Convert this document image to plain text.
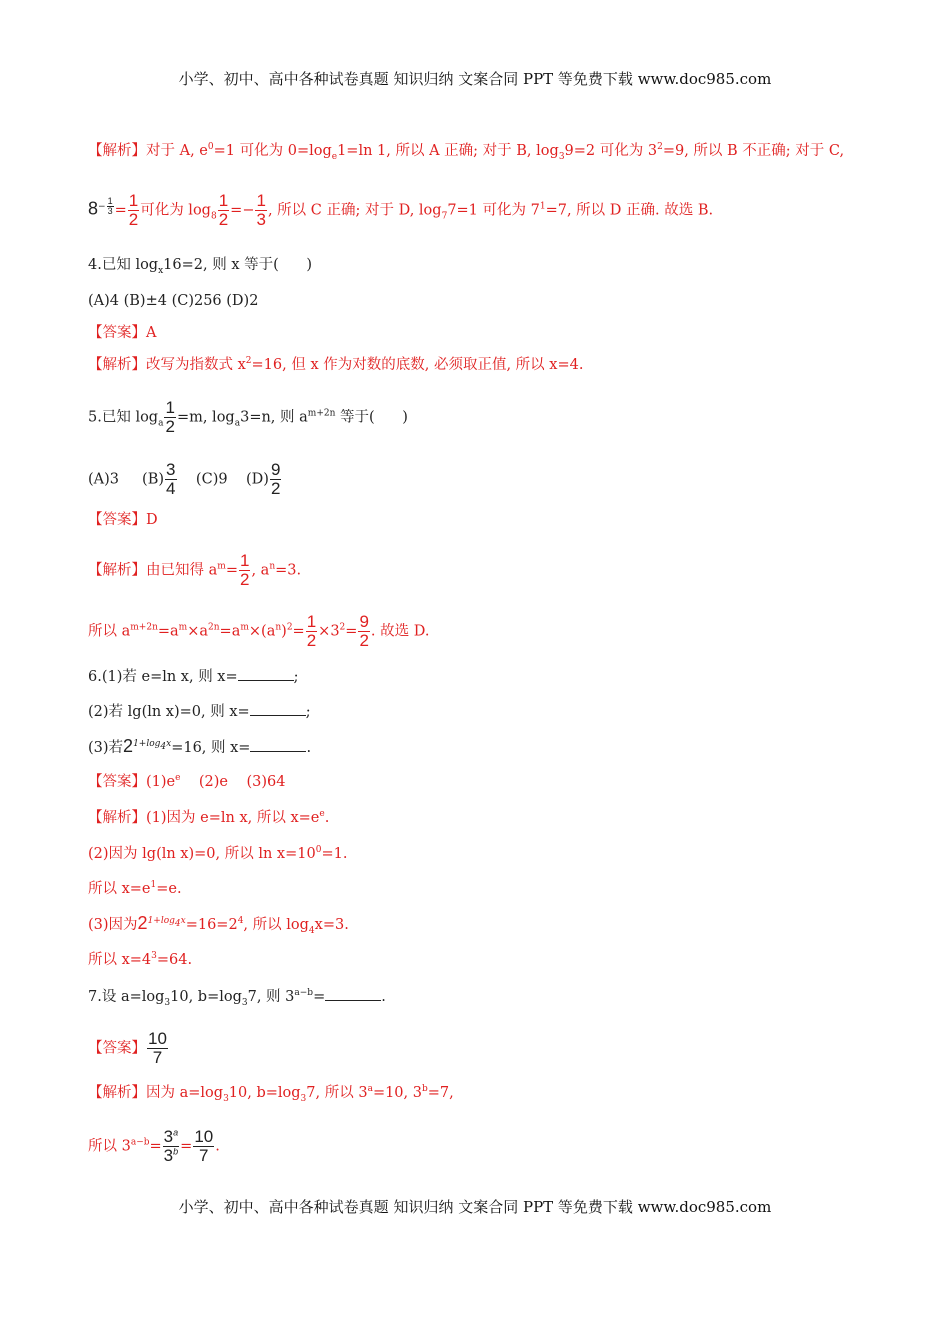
小学、初中、高中各种试卷真题 知识归纳 文案合同 PPT 等免费下载 www.doc985.com
【解析】对于 A, $e^0=1$ 可化为 $0=\log_e1=\ln$ 1, 所以 A 正确; 对于 B, $\log_39=2$ 可化为 $3^2=9$, 所以 B 不正确; 对于 C,
$8^{- \frac{1}{3}} = \frac{1}{2}$ 可化为 $\log_8 \frac{1}{2} =- \frac{1}{3}$ , 所以 C 正确; 对于 D, $\log_77=1$ 可化为 $7^1=7$, 所以 D 正确. 故选 B.
4.已知 $\log_x16=2$, 则 x 等于(      )
(A)4 (B)±4 (C)256 (D)2
【答案】A
【解析】改写为指数式 $x^2=16$, 但 x 作为对数的底数, 必须取正值, 所以 x=4.
5.已知 $\log_a \frac{1}{2} =m$, $\log_a3=n$, 则 $a^{m+2n}$ 等于(      )
(A)3     $(B) \frac{3}{4} (C)9$    $(D) \frac{9}{2}$
【答案】D
【解析】由已知得 $a^m= \frac{1}{2}$ , $a^n=3$.
所以 $a^{m+2n}=a^m\times a^{2n}=a^m\times(a^n)^2= \frac{1}{2} \times 3^2= \frac{9}{2}$ . 故选 D.
6.(1)若 e=ln x, 则 x=	;
(2)若 lg(ln x)=0, 则 x=	;
(3)若$2^{1+log_4x}=16$, 则 x=	.
【答案】$(1)e^e$    (2)e    (3)64
【解析】(1)因为 e=ln x, 所以 $x=e^e$.
(2)因为 lg(ln x)=0, 所以 $\ln x=10^0=1$.
所以 $x=e^1=e$.
(3)因为$2^{1+log_4x}=16=2^4$, 所以 $\log_4x=3$.
所以 $x=4^3=64$.
7.设 $a=\log_310$, $b=\log_37$, 则 $3^{a-b}=$	.
【答案】 $\frac{10}{7}$
【解析】因为 $a=\log_310$, $b=\log_37$, 所以 $3^a=10$, $3^b=7$,
所以 $3^{a-b}= \frac{3^a}{3^b} = \frac{10}{7}$ .
小学、初中、高中各种试卷真题 知识归纳 文案合同 PPT 等免费下载 www.doc985.com
